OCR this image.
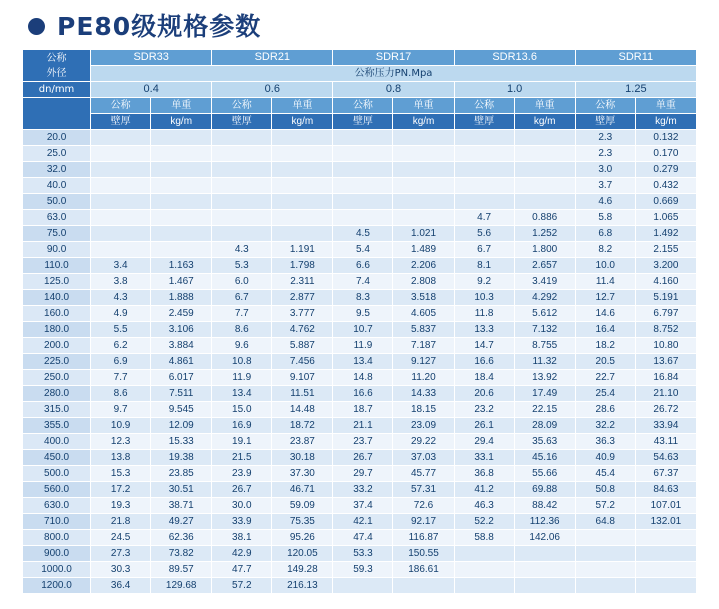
PE80级规格参数
公称
外径	SDR33		SDR21		SDR17		SDR13.6		SDR11	
	公称压力PN.Mpa									
dn/mm	0.4		0.6		0.8		1.0		1.25	
	公称	单重	公称	单重	公称	单重	公称	单重	公称	单重
	壁厚	kg/m	壁厚	kg/m	壁厚	kg/m	壁厚	kg/m	壁厚	kg/m
20.0									2.3	0.132
25.0									2.3	0.170
32.0									3.0	0.279
40.0									3.7	0.432
50.0									4.6	0.669
63.0							4.7	0.886	5.8	1.065
75.0					4.5	1.021	5.6	1.252	6.8	1.492
90.0			4.3	1.191	5.4	1.489	6.7	1.800	8.2	2.155
110.0	3.4	1.163	5.3	1.798	6.6	2.206	8.1	2.657	10.0	3.200
125.0	3.8	1.467	6.0	2.311	7.4	2.808	9.2	3.419	11.4	4.160
140.0	4.3	1.888	6.7	2.877	8.3	3.518	10.3	4.292	12.7	5.191
160.0	4.9	2.459	7.7	3.777	9.5	4.605	11.8	5.612	14.6	6.797
180.0	5.5	3.106	8.6	4.762	10.7	5.837	13.3	7.132	16.4	8.752
200.0	6.2	3.884	9.6	5.887	11.9	7.187	14.7	8.755	18.2	10.80
225.0	6.9	4.861	10.8	7.456	13.4	9.127	16.6	11.32	20.5	13.67
250.0	7.7	6.017	11.9	9.107	14.8	11.20	18.4	13.92	22.7	16.84
280.0	8.6	7.511	13.4	11.51	16.6	14.33	20.6	17.49	25.4	21.10
315.0	9.7	9.545	15.0	14.48	18.7	18.15	23.2	22.15	28.6	26.72
355.0	10.9	12.09	16.9	18.72	21.1	23.09	26.1	28.09	32.2	33.94
400.0	12.3	15.33	19.1	23.87	23.7	29.22	29.4	35.63	36.3	43.11
450.0	13.8	19.38	21.5	30.18	26.7	37.03	33.1	45.16	40.9	54.63
500.0	15.3	23.85	23.9	37.30	29.7	45.77	36.8	55.66	45.4	67.37
560.0	17.2	30.51	26.7	46.71	33.2	57.31	41.2	69.88	50.8	84.63
630.0	19.3	38.71	30.0	59.09	37.4	72.6	46.3	88.42	57.2	107.01
710.0	21.8	49.27	33.9	75.35	42.1	92.17	52.2	112.36	64.8	132.01
800.0	24.5	62.36	38.1	95.26	47.4	116.87	58.8	142.06		
900.0	27.3	73.82	42.9	120.05	53.3	150.55				
1000.0	30.3	89.57	47.7	149.28	59.3	186.61				
1200.0	36.4	129.68	57.2	216.13						
